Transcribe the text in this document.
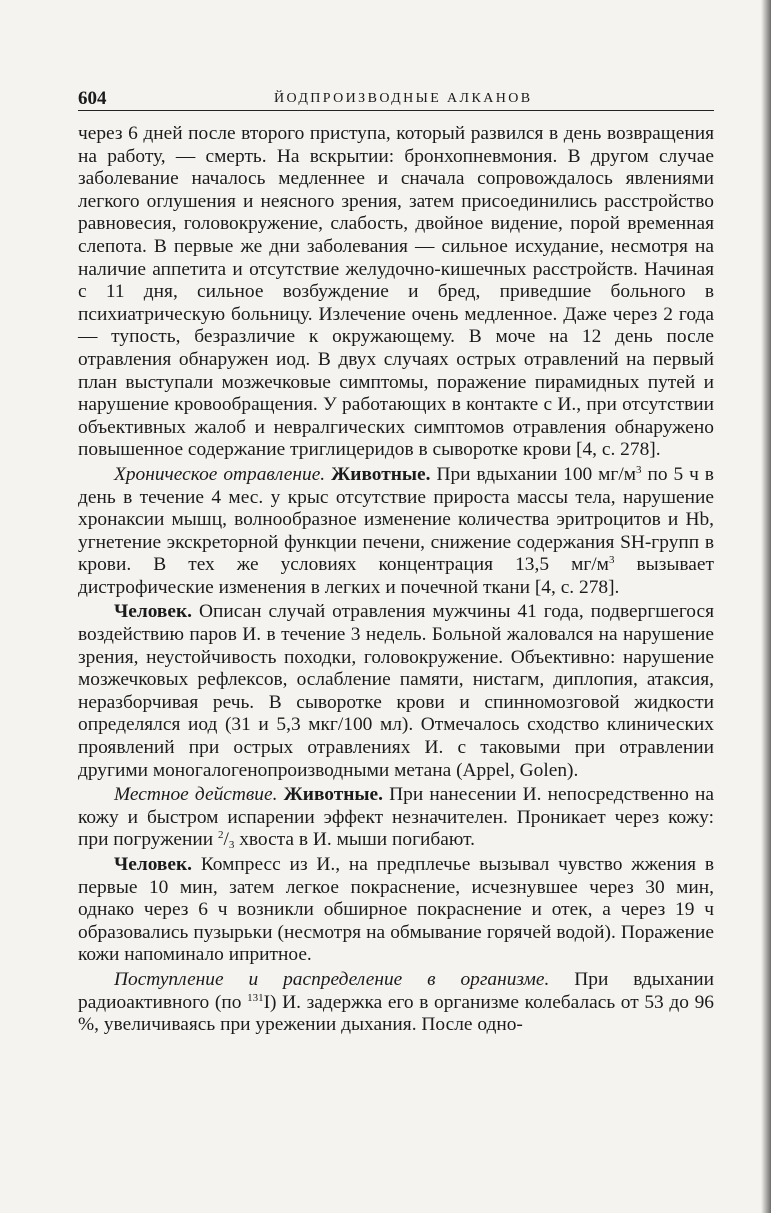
604	ЙОДПРОИЗВОДНЫЕ АЛКАНОВ

через 6 дней после второго приступа, который развился в день возвращения на работу, — смерть. На вскрытии: бронхопневмония. В другом случае заболевание началось медленнее и сначала сопровождалось явлениями легкого оглушения и неясного зрения, затем присоединились расстройство равновесия, головокружение, слабость, двойное видение, порой временная слепота. В первые же дни заболевания — сильное исхудание, несмотря на наличие аппетита и отсутствие желудочно-кишечных расстройств. Начиная с 11 дня, сильное возбуждение и бред, приведшие больного в психиатрическую больницу. Излечение очень медленное. Даже через 2 года — тупость, безразличие к окружающему. В моче на 12 день после отравления обнаружен иод. В двух случаях острых отравлений на первый план выступали мозжечковые симптомы, поражение пирамидных путей и нарушение кровообращения. У работающих в контакте с И., при отсутствии объективных жалоб и невралгических симптомов отравления обнаружено повышенное содержание триглицеридов в сыворотке крови [4, с. 278].

Хроническое отравление. Животные. При вдыхании 100 $мг/м^3$ по 5 ч в день в течение 4 мес. у крыс отсутствие прироста массы тела, нарушение хронаксии мышц, волнообразное изменение количества эритроцитов и Hb, угнетение экскреторной функции печени, снижение содержания SH-групп в крови. В тех же условиях концентрация 13,5 $мг/м^3$ вызывает дистрофические изменения в легких и почечной ткани [4, с. 278].

Человек. Описан случай отравления мужчины 41 года, подвергшегося воздействию паров И. в течение 3 недель. Больной жаловался на нарушение зрения, неустойчивость походки, головокружение. Объективно: нарушение мозжечковых рефлексов, ослабление памяти, нистагм, диплопия, атаксия, неразборчивая речь. В сыворотке крови и спинномозговой жидкости определялся иод (31 и 5,3 мкг/100 мл). Отмечалось сходство клинических проявлений при острых отравлениях И. с таковыми при отравлении другими моногалогенопроизводными метана (Appel, Golen).

Местное действие. Животные. При нанесении И. непосредственно на кожу и быстром испарении эффект незначителен. Проникает через кожу: при погружении $^2/_3$ хвоста в И. мыши погибают.

Человек. Компресс из И., на предплечье вызывал чувство жжения в первые 10 мин, затем легкое покраснение, исчезнувшее через 30 мин, однако через 6 ч возникли обширное покраснение и отек, а через 19 ч образовались пузырьки (несмотря на обмывание горячей водой). Поражение кожи напоминало ипритное.

Поступление и распределение в организме. При вдыхании радиоактивного (по $^{131}$I) И. задержка его в организме колебалась от 53 до 96 %, увеличиваясь при урежении дыхания. После одно-
